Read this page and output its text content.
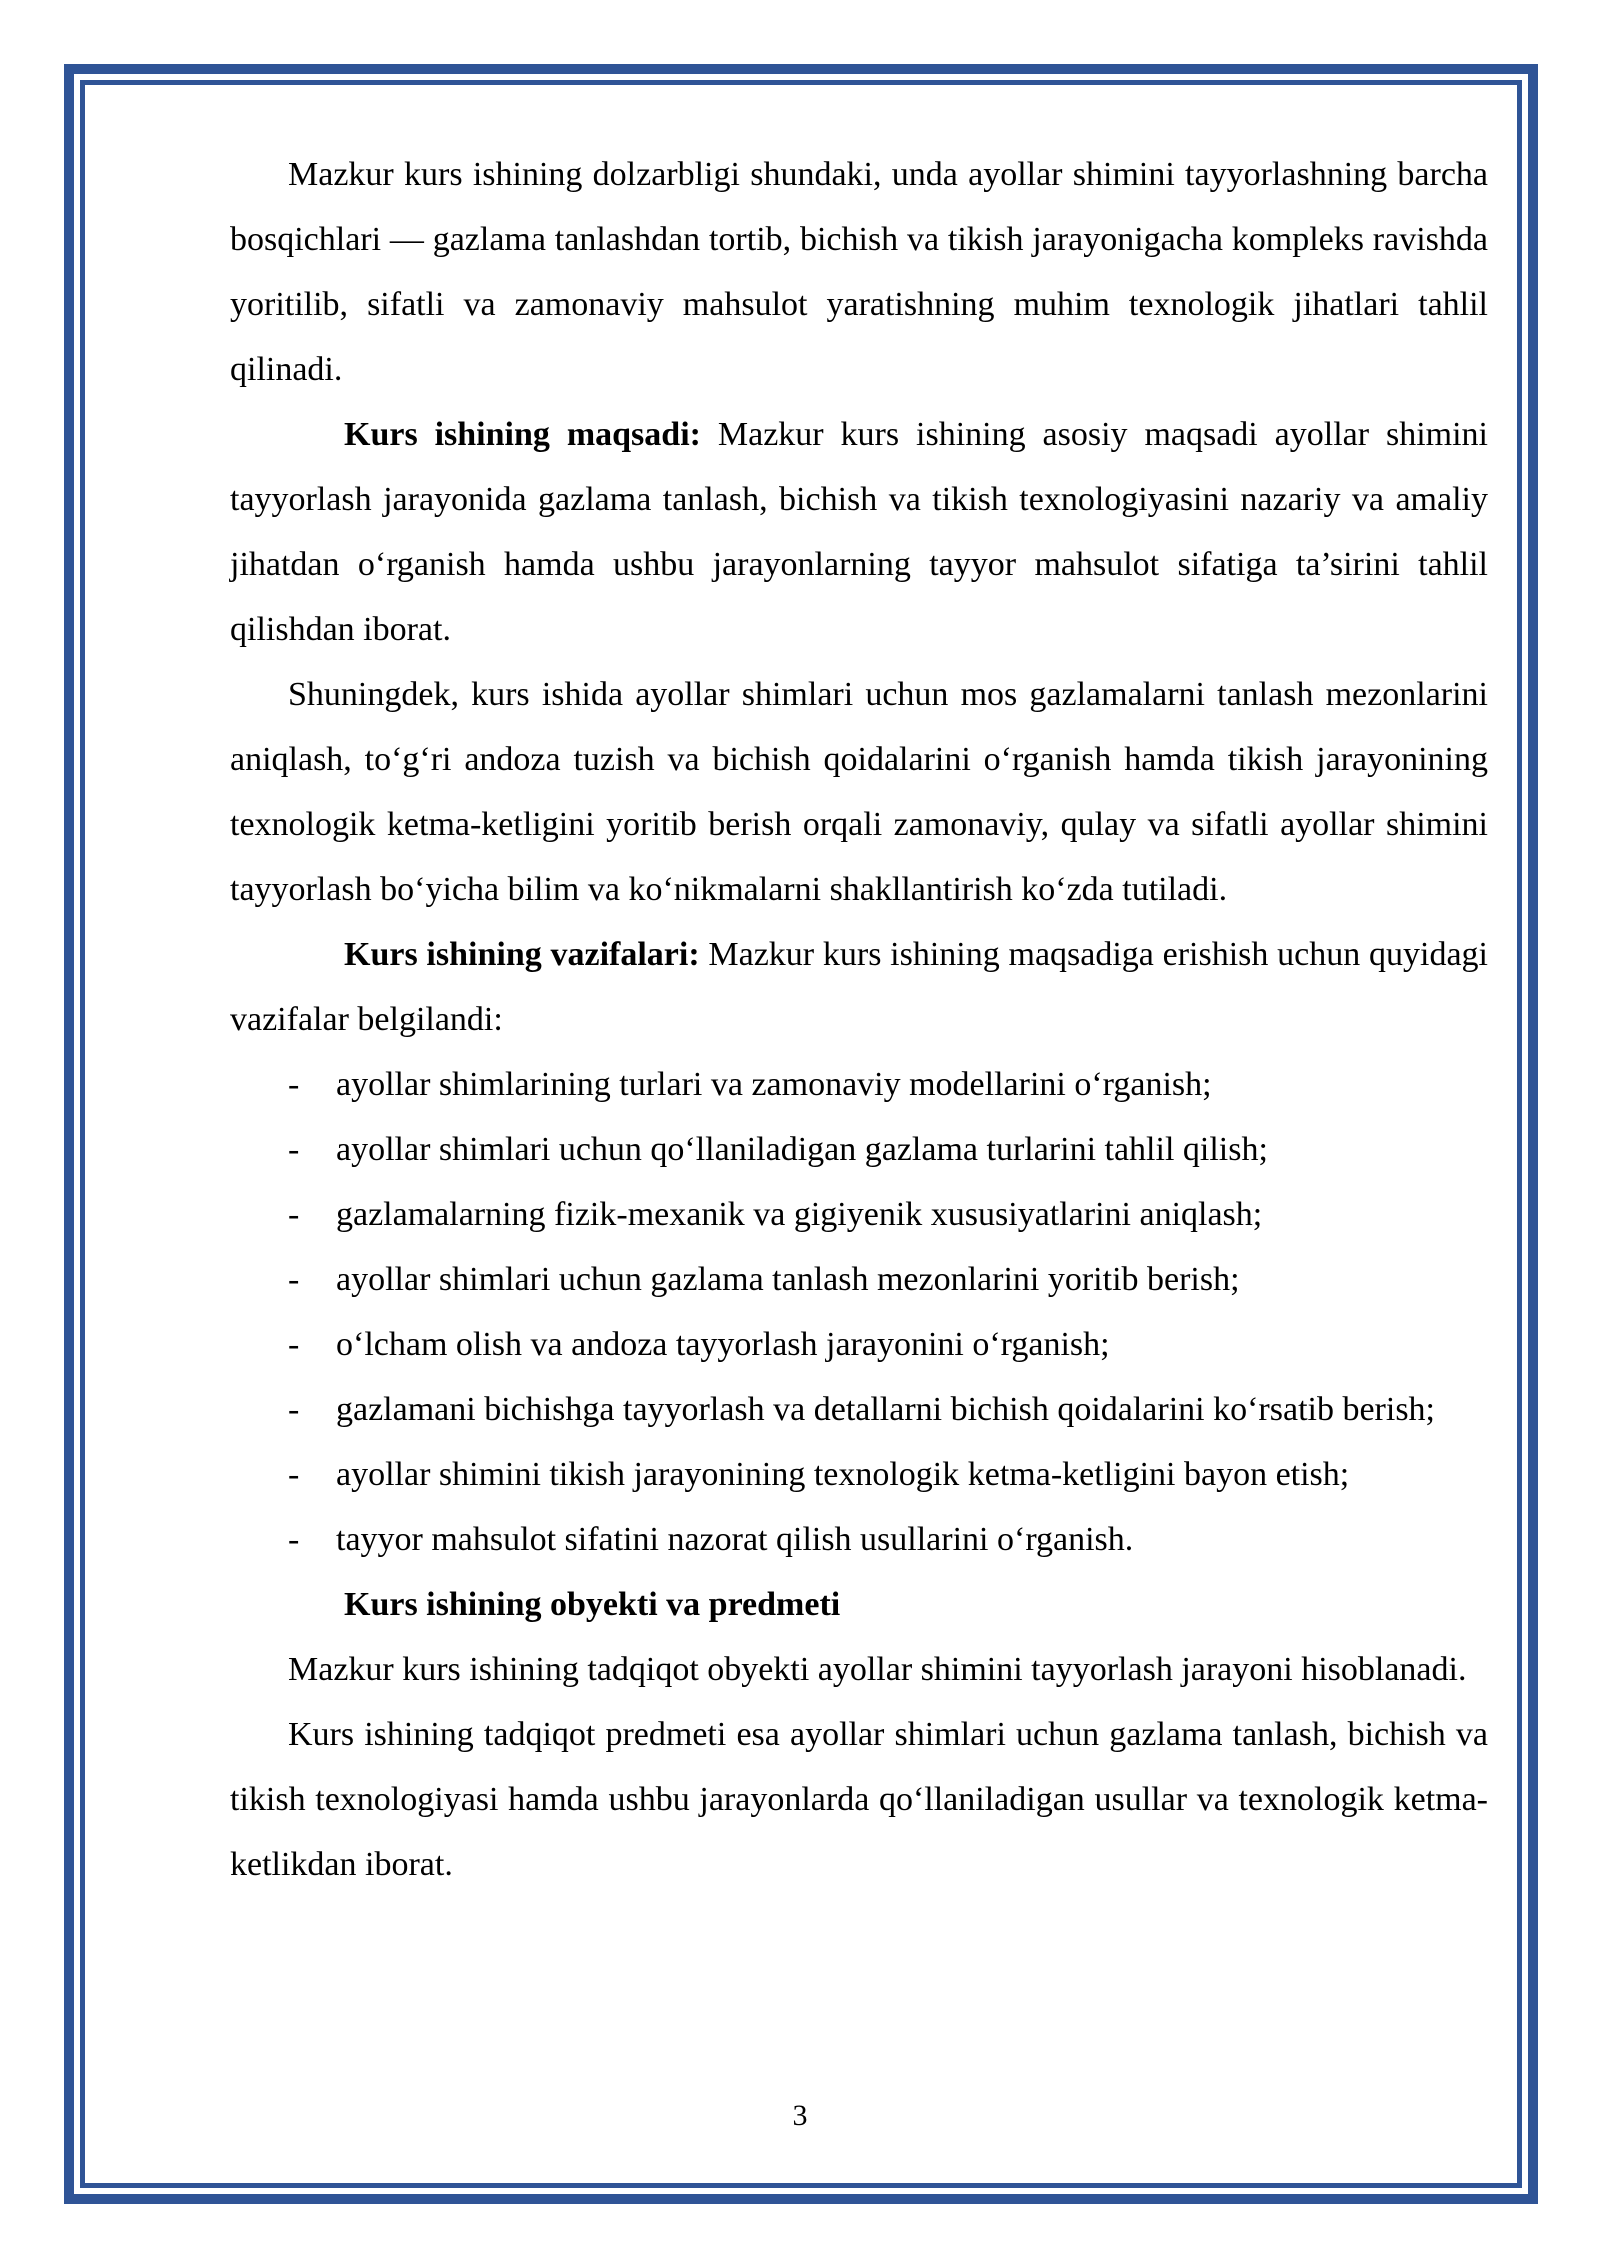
Mazkur kurs ishining dolzarbligi shundaki, unda ayollar shimini tayyorlashning barcha bosqichlari — gazlama tanlashdan tortib, bichish va tikish jarayonigacha kompleks ravishda yoritilib, sifatli va zamonaviy mahsulot yaratishning muhim texnologik jihatlari tahlil qilinadi.

Kurs ishining maqsadi: Mazkur kurs ishining asosiy maqsadi ayollar shimini tayyorlash jarayonida gazlama tanlash, bichish va tikish texnologiyasini nazariy va amaliy jihatdan o‘rganish hamda ushbu jarayonlarning tayyor mahsulot sifatiga ta’sirini tahlil qilishdan iborat.

Shuningdek, kurs ishida ayollar shimlari uchun mos gazlamalarni tanlash mezonlarini aniqlash, to‘g‘ri andoza tuzish va bichish qoidalarini o‘rganish hamda tikish jarayonining texnologik ketma-ketligini yoritib berish orqali zamonaviy, qulay va sifatli ayollar shimini tayyorlash bo‘yicha bilim va ko‘nikmalarni shakllantirish ko‘zda tutiladi.

Kurs ishining vazifalari: Mazkur kurs ishining maqsadiga erishish uchun quyidagi vazifalar belgilandi:

- ayollar shimlarining turlari va zamonaviy modellarini o‘rganish;
- ayollar shimlari uchun qo‘llaniladigan gazlama turlarini tahlil qilish;
- gazlamalarning fizik-mexanik va gigiyenik xususiyatlarini aniqlash;
- ayollar shimlari uchun gazlama tanlash mezonlarini yoritib berish;
- o‘lcham olish va andoza tayyorlash jarayonini o‘rganish;
- gazlamani bichishga tayyorlash va detallarni bichish qoidalarini ko‘rsatib berish;
- ayollar shimini tikish jarayonining texnologik ketma-ketligini bayon etish;
- tayyor mahsulot sifatini nazorat qilish usullarini o‘rganish.

Kurs ishining obyekti va predmeti

Mazkur kurs ishining tadqiqot obyekti ayollar shimini tayyorlash jarayoni hisoblanadi.

Kurs ishining tadqiqot predmeti esa ayollar shimlari uchun gazlama tanlash, bichish va tikish texnologiyasi hamda ushbu jarayonlarda qo‘llaniladigan usullar va texnologik ketma-ketlikdan iborat.

3
